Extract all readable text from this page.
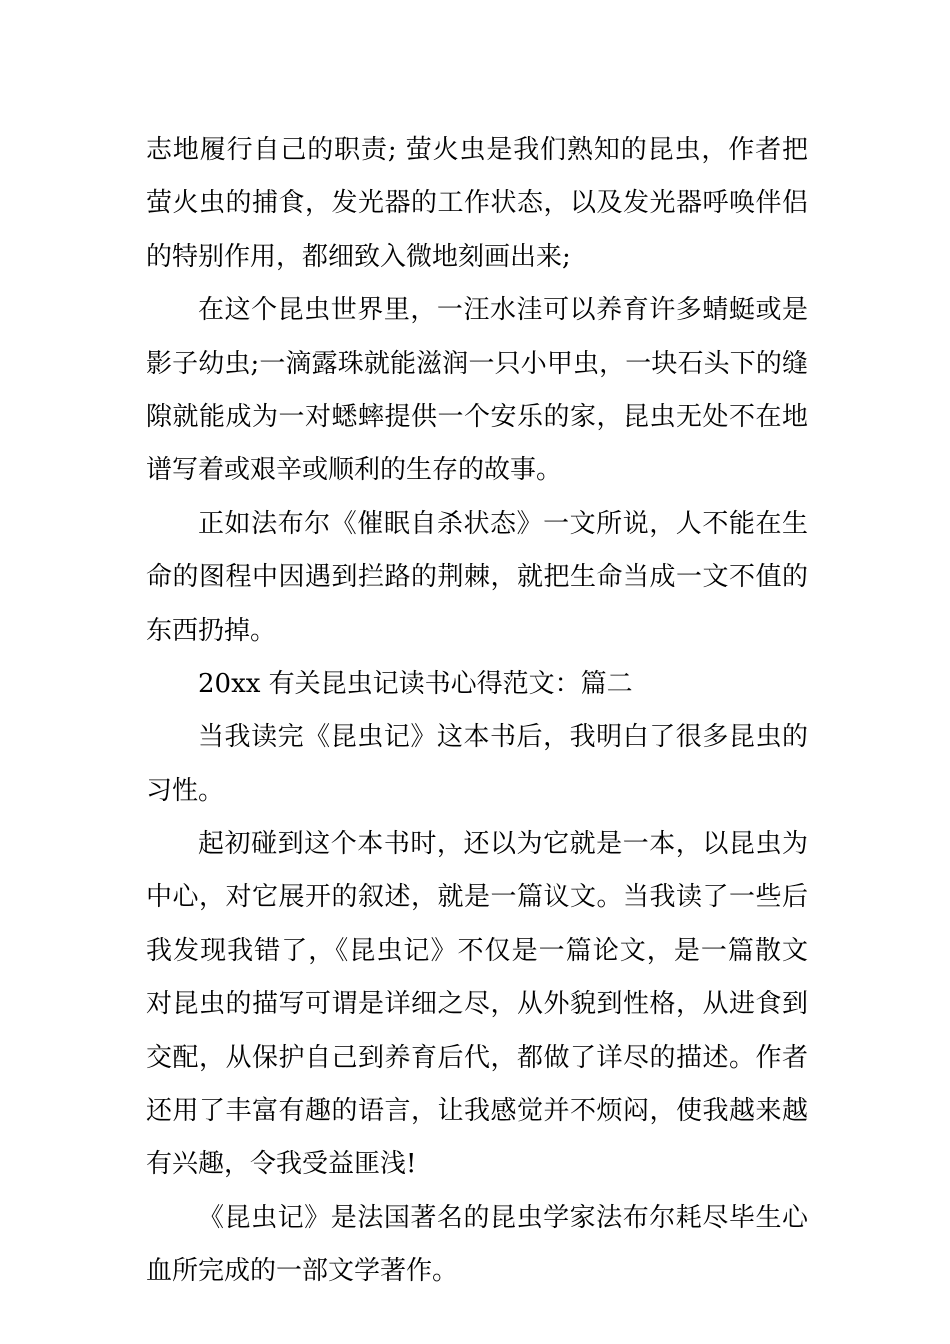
志地履行自己的职责; 萤火虫是我们熟知的昆虫，作者把
萤火虫的捕食，发光器的工作状态，以及发光器呼唤伴侣
的特别作用，都细致入微地刻画出来;
在这个昆虫世界里，一汪水洼可以养育许多蜻蜓或是
影子幼虫;一滴露珠就能滋润一只小甲虫，一块石头下的缝
隙就能成为一对蟋蟀提供一个安乐的家，昆虫无处不在地
谱写着或艰辛或顺利的生存的故事。
正如法布尔《催眠自杀状态》一文所说，人不能在生
命的图程中因遇到拦路的荆棘，就把生命当成一文不值的
东西扔掉。
20xx 有关昆虫记读书心得范文：篇二
当我读完《昆虫记》这本书后，我明白了很多昆虫的
习性。
起初碰到这个本书时，还以为它就是一本，以昆虫为
中心，对它展开的叙述，就是一篇议文。当我读了一些后
我发现我错了，《昆虫记》不仅是一篇论文，是一篇散文
对昆虫的描写可谓是详细之尽，从外貌到性格，从进食到
交配，从保护自己到养育后代，都做了详尽的描述。作者
还用了丰富有趣的语言，让我感觉并不烦闷，使我越来越
有兴趣，令我受益匪浅!
《昆虫记》是法国著名的昆虫学家法布尔耗尽毕生心
血所完成的一部文学著作。
